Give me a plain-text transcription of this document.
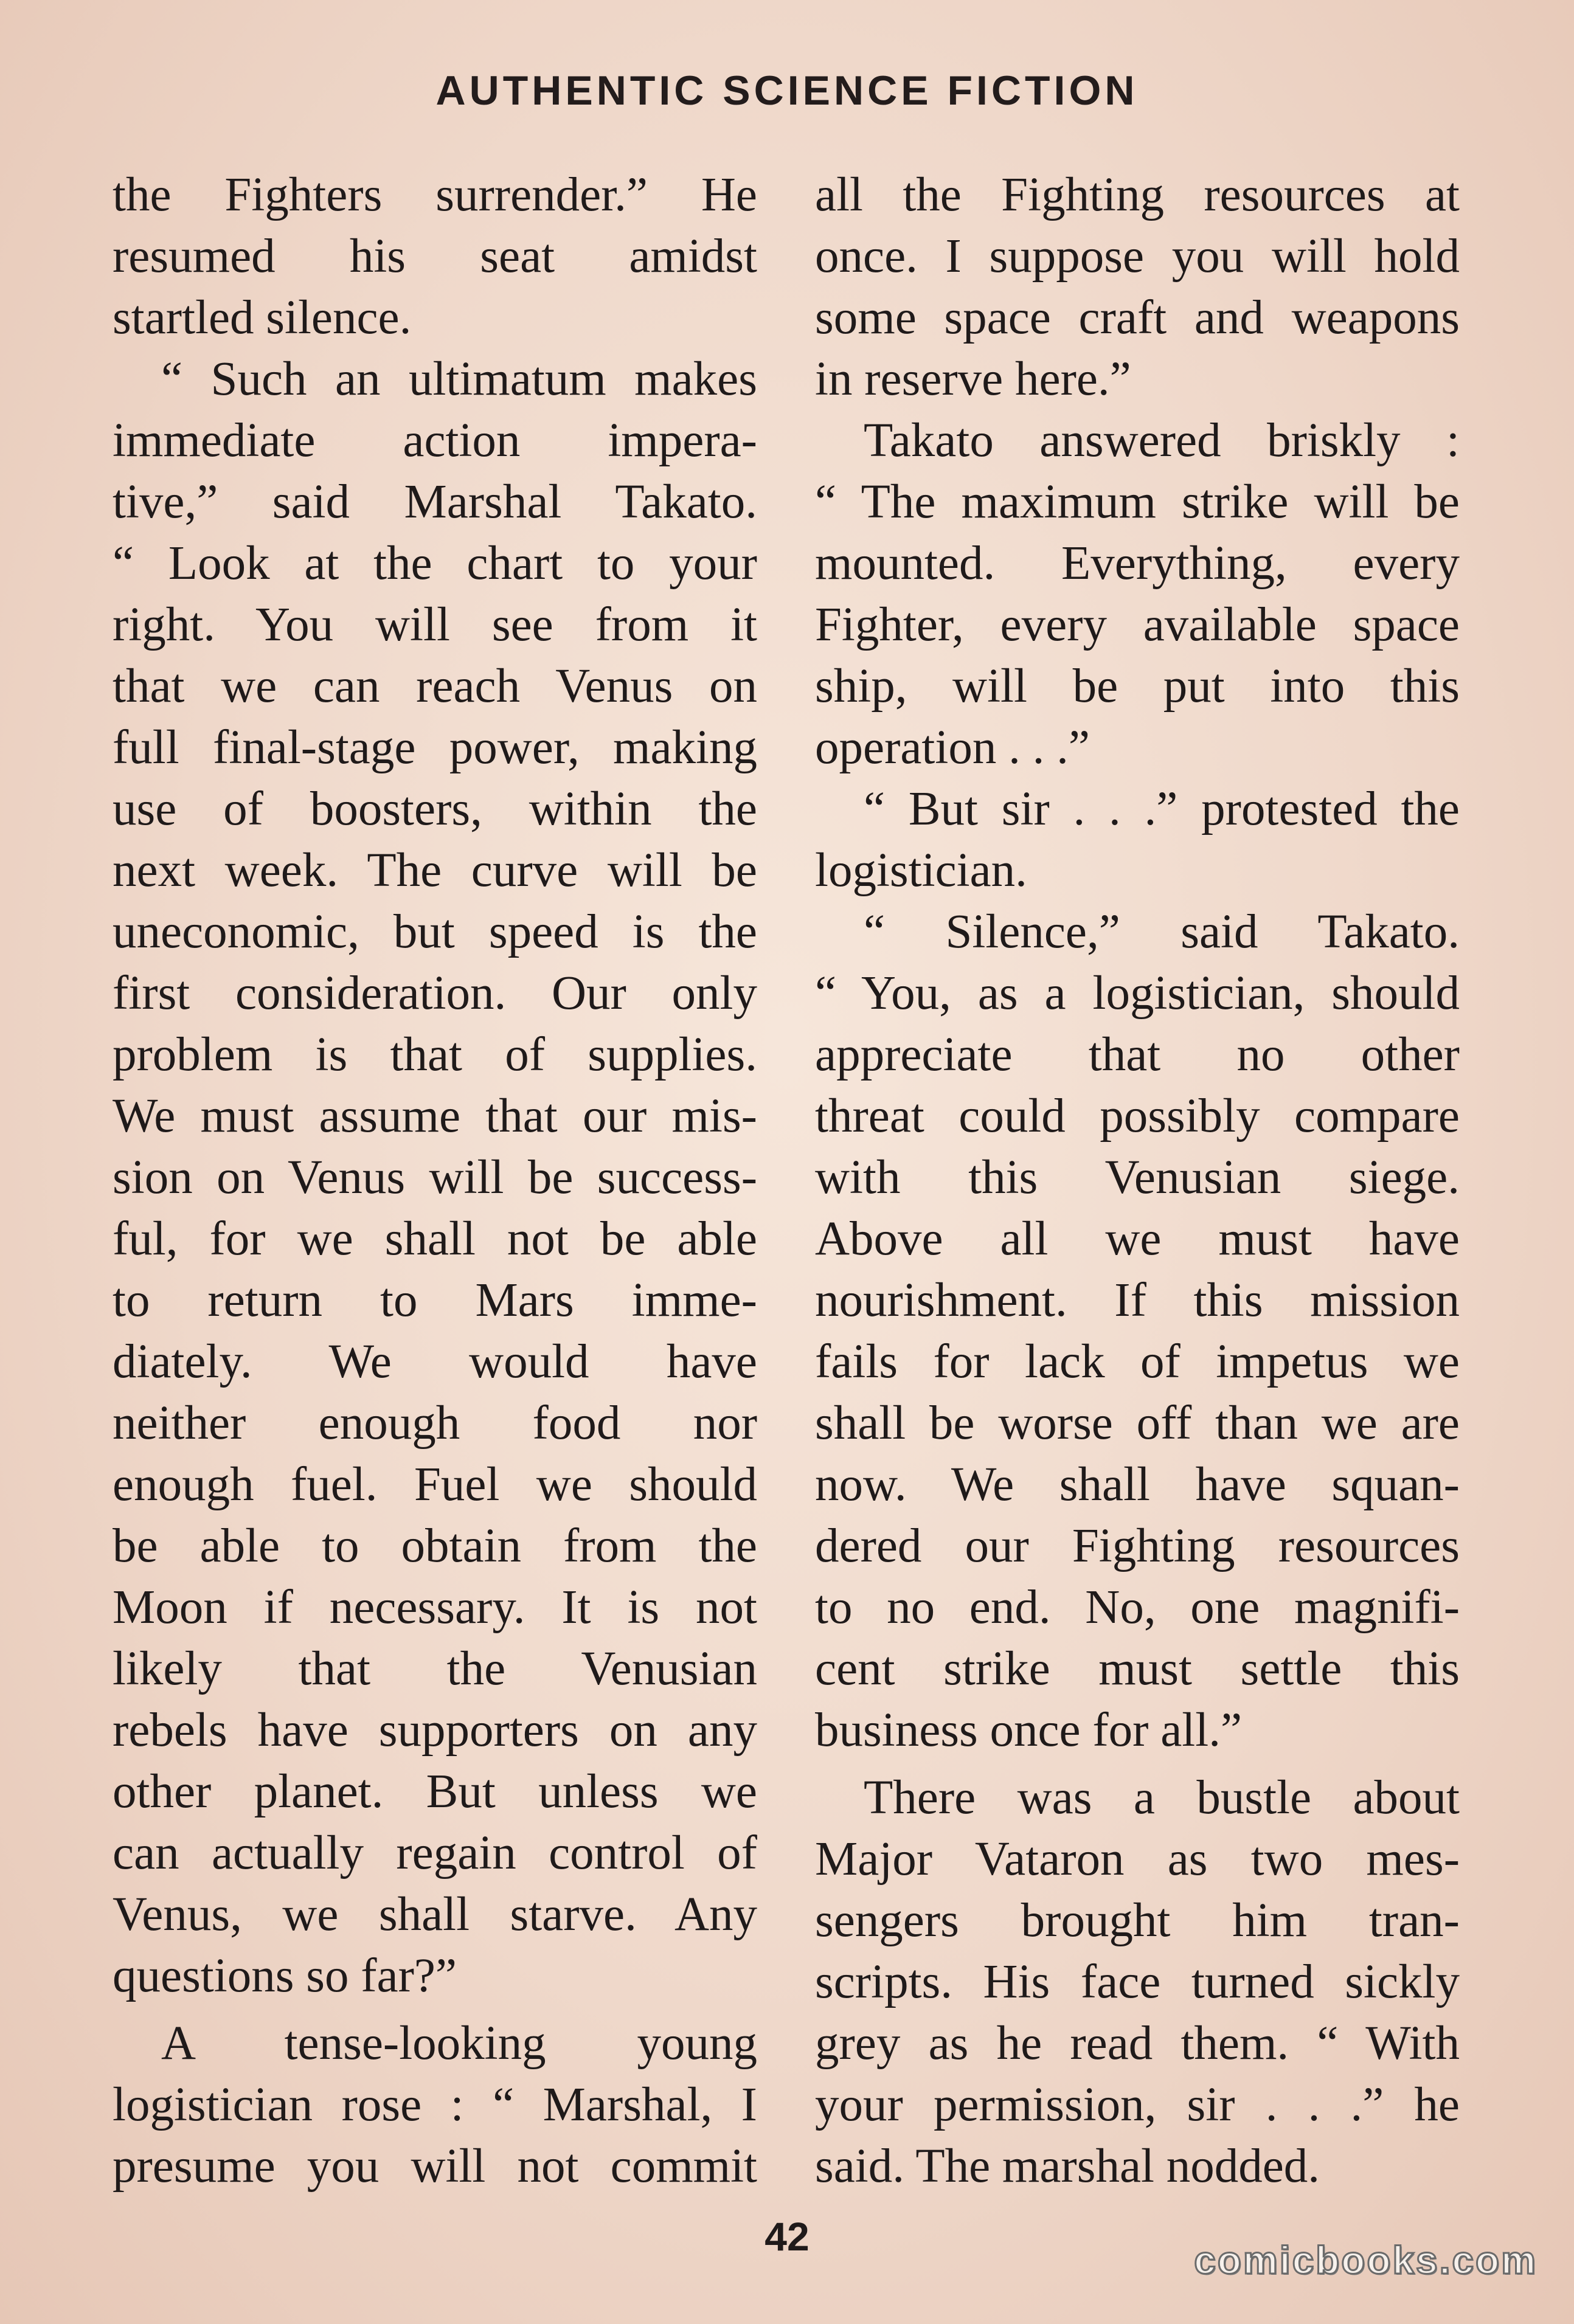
AUTHENTIC SCIENCE FICTION
the Fighters surrender.” He
resumed his seat amidst
startled silence.
“ Such an ultimatum makes
immediate action impera-
tive,” said Marshal Takato.
“ Look at the chart to your
right. You will see from it
that we can reach Venus on
full final-stage power, making
use of boosters, within the
next week. The curve will be
uneconomic, but speed is the
first consideration. Our only
problem is that of supplies.
We must assume that our mis-
sion on Venus will be success-
ful, for we shall not be able
to return to Mars imme-
diately. We would have
neither enough food nor
enough fuel. Fuel we should
be able to obtain from the
Moon if necessary. It is not
likely that the Venusian
rebels have supporters on any
other planet. But unless we
can actually regain control of
Venus, we shall starve. Any
questions so far?”
A tense-looking young
logistician rose : “ Marshal, I
presume you will not commit
all the Fighting resources at
once. I suppose you will hold
some space craft and weapons
in reserve here.”
Takato answered briskly :
“ The maximum strike will be
mounted. Everything, every
Fighter, every available space
ship, will be put into this
operation . . .”
“ But sir . . .” protested the
logistician.
“ Silence,” said Takato.
“ You, as a logistician, should
appreciate that no other
threat could possibly compare
with this Venusian siege.
Above all we must have
nourishment. If this mission
fails for lack of impetus we
shall be worse off than we are
now. We shall have squan-
dered our Fighting resources
to no end. No, one magnifi-
cent strike must settle this
business once for all.”
There was a bustle about
Major Vataron as two mes-
sengers brought him tran-
scripts. His face turned sickly
grey as he read them. “ With
your permission, sir . . .” he
said. The marshal nodded.
42
comicbooks.com
